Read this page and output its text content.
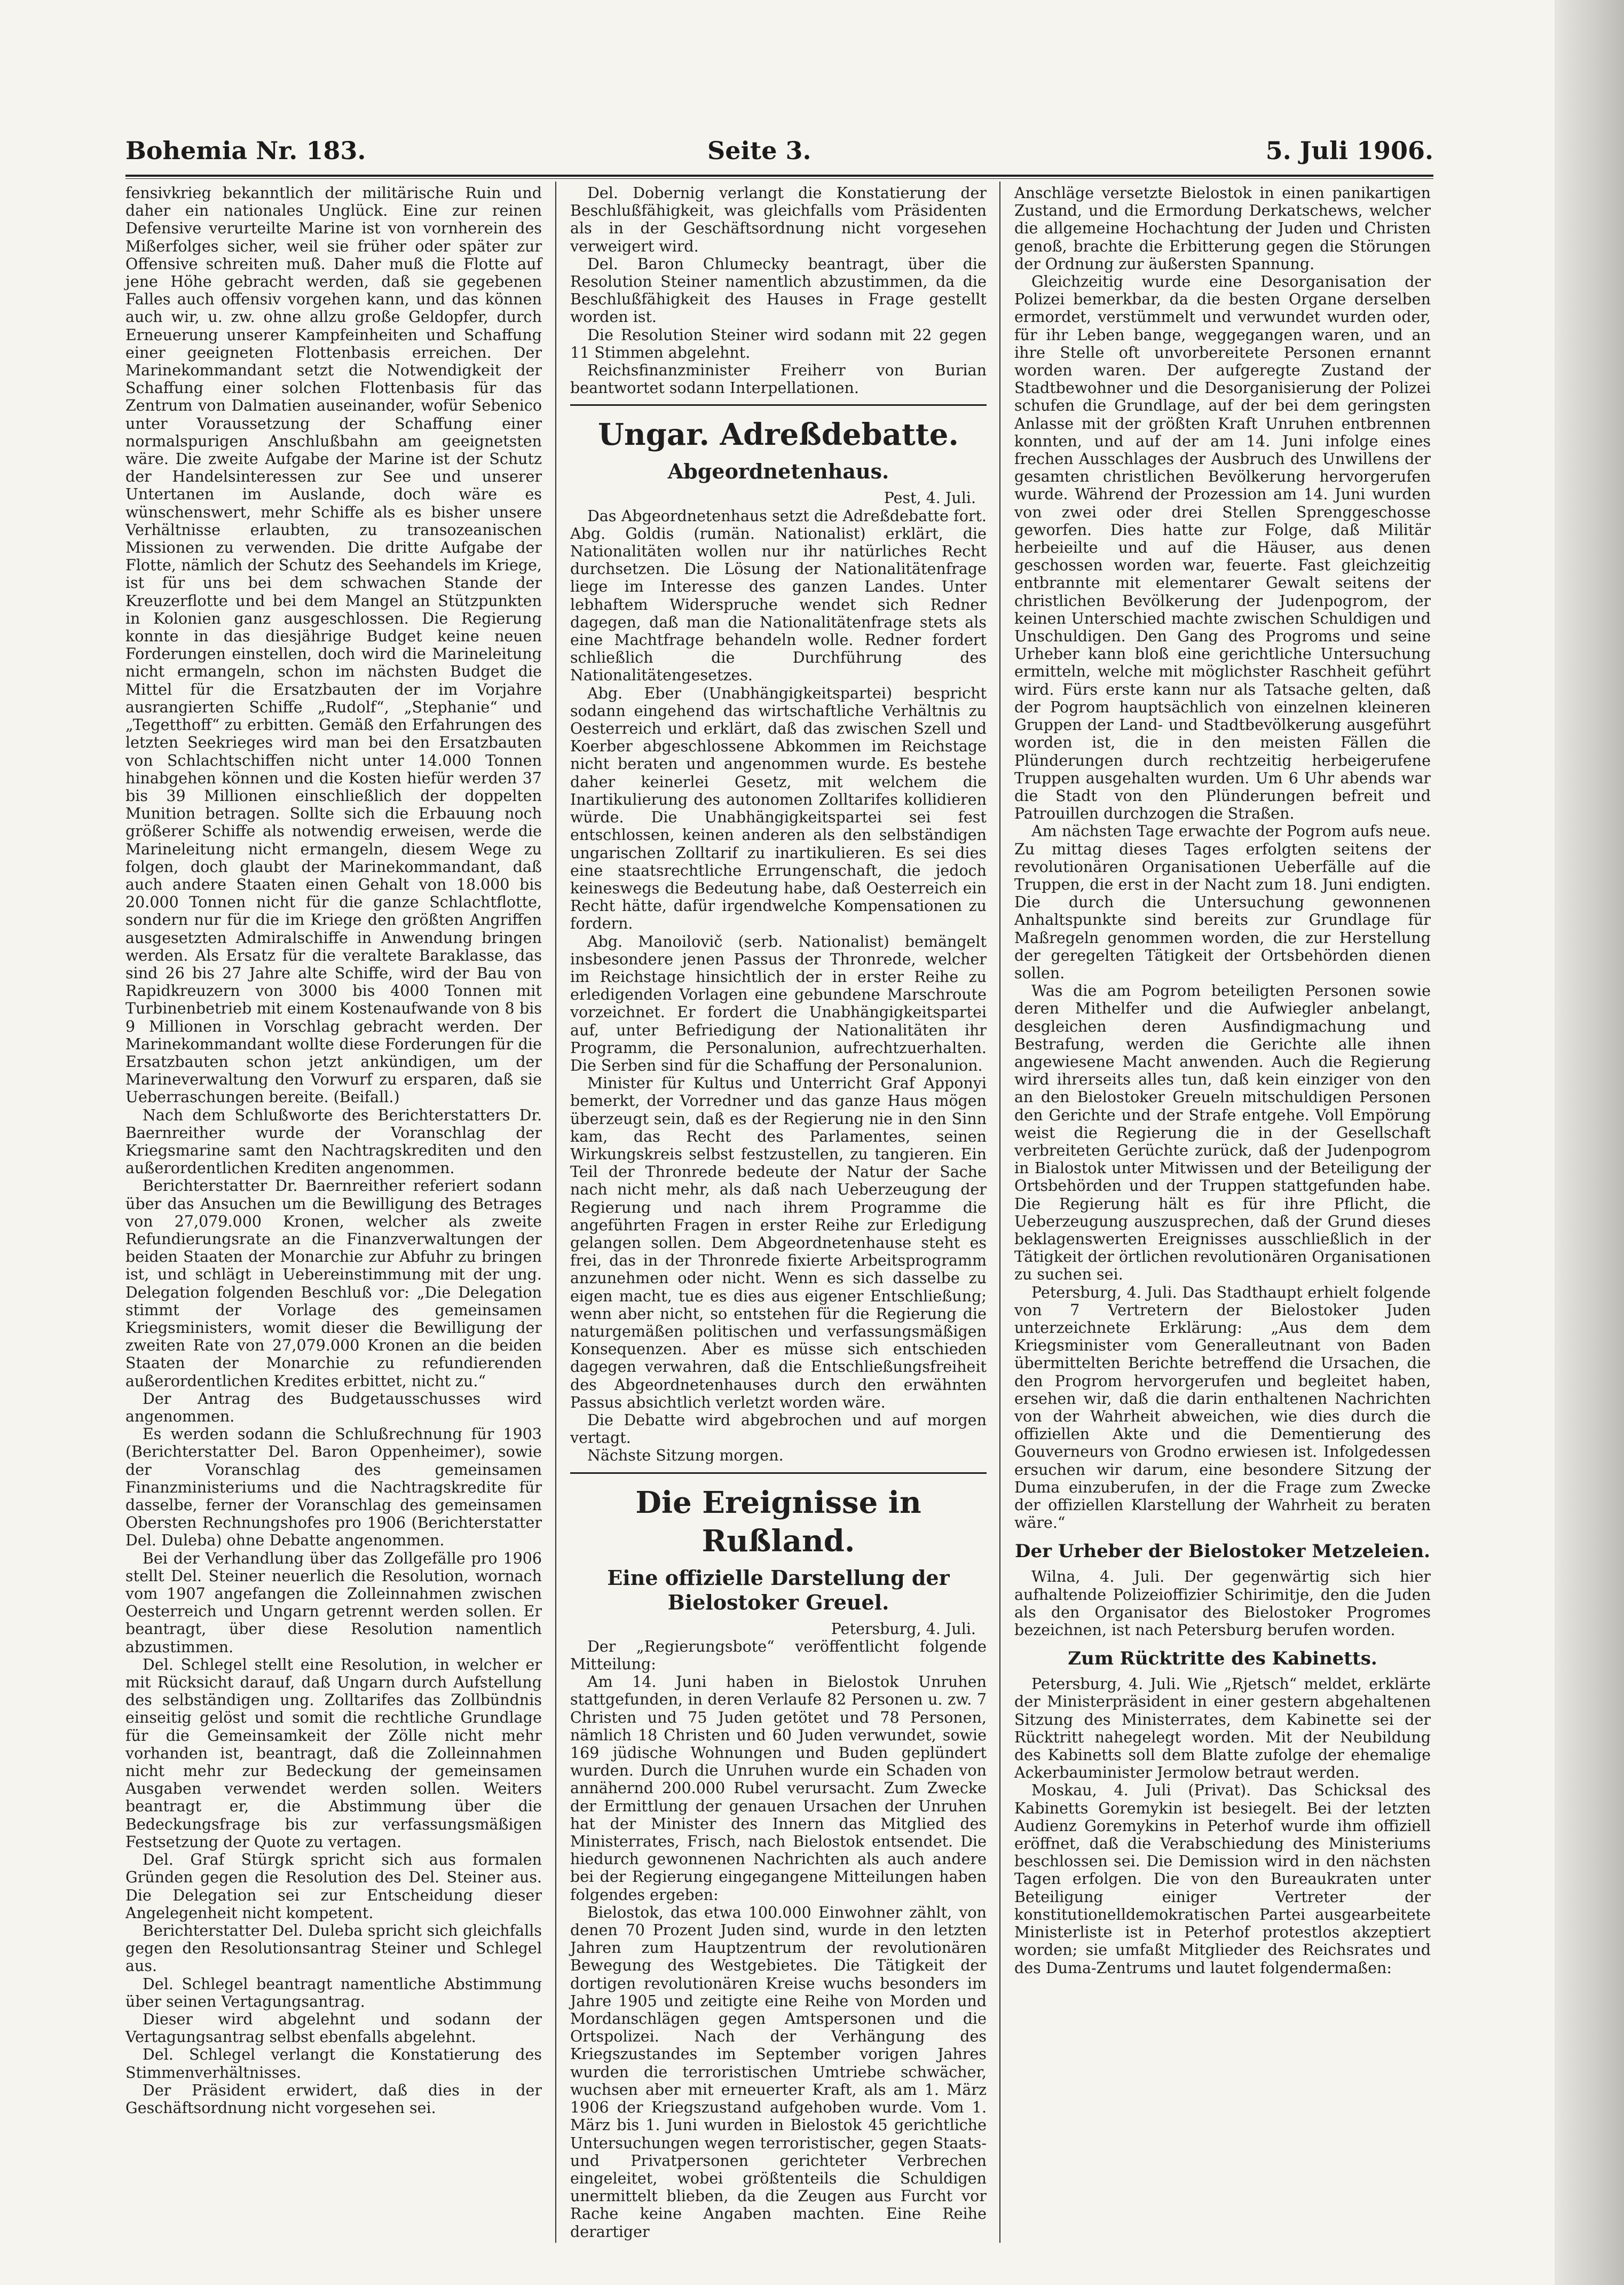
Bohemia Nr. 183.	Seite 3.	5. Juli 1906.

fensivkrieg bekanntlich der militärische Ruin und daher ein nationales Unglück. Eine zur reinen Defensive verurteilte Marine ist von vornherein des Mißerfolges sicher, weil sie früher oder später zur Offensive schreiten muß. Daher muß die Flotte auf jene Höhe gebracht werden, daß sie gegebenen Falles auch offensiv vorgehen kann, und das können auch wir, u. zw. ohne allzu große Geldopfer, durch Erneuerung unserer Kampfeinheiten und Schaffung einer geeigneten Flottenbasis erreichen. Der Marinekommandant setzt die Notwendigkeit der Schaffung einer solchen Flottenbasis für das Zentrum von Dalmatien auseinander, wofür Sebenico unter Voraussetzung der Schaffung einer normalspurigen Anschlußbahn am geeignetsten wäre. Die zweite Aufgabe der Marine ist der Schutz der Handelsinteressen zur See und unserer Untertanen im Auslande, doch wäre es wünschenswert, mehr Schiffe als es bisher unsere Verhältnisse erlaubten, zu transozeanischen Missionen zu verwenden. Die dritte Aufgabe der Flotte, nämlich der Schutz des Seehandels im Kriege, ist für uns bei dem schwachen Stande der Kreuzerflotte und bei dem Mangel an Stützpunkten in Kolonien ganz ausgeschlossen. Die Regierung konnte in das diesjährige Budget keine neuen Forderungen einstellen, doch wird die Marineleitung nicht ermangeln, schon im nächsten Budget die Mittel für die Ersatzbauten der im Vorjahre ausrangierten Schiffe „Rudolf“, „Stephanie“ und „Tegetthoff“ zu erbitten. Gemäß den Erfahrungen des letzten Seekrieges wird man bei den Ersatzbauten von Schlachtschiffen nicht unter 14.000 Tonnen hinabgehen können und die Kosten hiefür werden 37 bis 39 Millionen einschließlich der doppelten Munition betragen. Sollte sich die Erbauung noch größerer Schiffe als notwendig erweisen, werde die Marineleitung nicht ermangeln, diesem Wege zu folgen, doch glaubt der Marinekommandant, daß auch andere Staaten einen Gehalt von 18.000 bis 20.000 Tonnen nicht für die ganze Schlachtflotte, sondern nur für die im Kriege den größten Angriffen ausgesetzten Admiralschiffe in Anwendung bringen werden. Als Ersatz für die veraltete Baraklasse, das sind 26 bis 27 Jahre alte Schiffe, wird der Bau von Rapidkreuzern von 3000 bis 4000 Tonnen mit Turbinenbetrieb mit einem Kostenaufwande von 8 bis 9 Millionen in Vorschlag gebracht werden. Der Marinekommandant wollte diese Forderungen für die Ersatzbauten schon jetzt ankündigen, um der Marineverwaltung den Vorwurf zu ersparen, daß sie Ueberraschungen bereite. (Beifall.)

Nach dem Schlußworte des Berichterstatters Dr. Baernreither wurde der Voranschlag der Kriegsmarine samt den Nachtragskrediten und den außerordentlichen Krediten angenommen.

Berichterstatter Dr. Baernreither referiert sodann über das Ansuchen um die Bewilligung des Betrages von 27,079.000 Kronen, welcher als zweite Refundierungsrate an die Finanzverwaltungen der beiden Staaten der Monarchie zur Abfuhr zu bringen ist, und schlägt in Uebereinstimmung mit der ung. Delegation folgenden Beschluß vor: „Die Delegation stimmt der Vorlage des gemeinsamen Kriegsministers, womit dieser die Bewilligung der zweiten Rate von 27,079.000 Kronen an die beiden Staaten der Monarchie zu refundierenden außerordentlichen Kredites erbittet, nicht zu.“

Der Antrag des Budgetausschusses wird angenommen.

Es werden sodann die Schlußrechnung für 1903 (Berichterstatter Del. Baron Oppenheimer), sowie der Voranschlag des gemeinsamen Finanzministeriums und die Nachtragskredite für dasselbe, ferner der Voranschlag des gemeinsamen Obersten Rechnungshofes pro 1906 (Berichterstatter Del. Duleba) ohne Debatte angenommen.

Bei der Verhandlung über das Zollgefälle pro 1906 stellt Del. Steiner neuerlich die Resolution, wornach vom 1907 angefangen die Zolleinnahmen zwischen Oesterreich und Ungarn getrennt werden sollen. Er beantragt, über diese Resolution namentlich abzustimmen.

Del. Schlegel stellt eine Resolution, in welcher er mit Rücksicht darauf, daß Ungarn durch Aufstellung des selbständigen ung. Zolltarifes das Zollbündnis einseitig gelöst und somit die rechtliche Grundlage für die Gemeinsamkeit der Zölle nicht mehr vorhanden ist, beantragt, daß die Zolleinnahmen nicht mehr zur Bedeckung der gemeinsamen Ausgaben verwendet werden sollen. Weiters beantragt er, die Abstimmung über die Bedeckungsfrage bis zur verfassungsmäßigen Festsetzung der Quote zu vertagen.

Del. Graf Stürgk spricht sich aus formalen Gründen gegen die Resolution des Del. Steiner aus. Die Delegation sei zur Entscheidung dieser Angelegenheit nicht kompetent.

Berichterstatter Del. Duleba spricht sich gleichfalls gegen den Resolutionsantrag Steiner und Schlegel aus.

Del. Schlegel beantragt namentliche Abstimmung über seinen Vertagungsantrag.

Dieser wird abgelehnt und sodann der Vertagungsantrag selbst ebenfalls abgelehnt.

Del. Schlegel verlangt die Konstatierung des Stimmenverhältnisses.

Der Präsident erwidert, daß dies in der Geschäftsordnung nicht vorgesehen sei.

Del. Dobernig verlangt die Konstatierung der Beschlußfähigkeit, was gleichfalls vom Präsidenten als in der Geschäftsordnung nicht vorgesehen verweigert wird.

Del. Baron Chlumecky beantragt, über die Resolution Steiner namentlich abzustimmen, da die Beschlußfähigkeit des Hauses in Frage gestellt worden ist.

Die Resolution Steiner wird sodann mit 22 gegen 11 Stimmen abgelehnt.

Reichsfinanzminister Freiherr von Burian beantwortet sodann Interpellationen.

Ungar. Adreßdebatte.
Abgeordnetenhaus.
Pest, 4. Juli.

Das Abgeordnetenhaus setzt die Adreßdebatte fort. Abg. Goldis (rumän. Nationalist) erklärt, die Nationalitäten wollen nur ihr natürliches Recht durchsetzen. Die Lösung der Nationalitätenfrage liege im Interesse des ganzen Landes. Unter lebhaftem Widerspruche wendet sich Redner dagegen, daß man die Nationalitätenfrage stets als eine Machtfrage behandeln wolle. Redner fordert schließlich die Durchführung des Nationalitätengesetzes.

Abg. Eber (Unabhängigkeitspartei) bespricht sodann eingehend das wirtschaftliche Verhältnis zu Oesterreich und erklärt, daß das zwischen Szell und Koerber abgeschlossene Abkommen im Reichstage nicht beraten und angenommen wurde. Es bestehe daher keinerlei Gesetz, mit welchem die Inartikulierung des autonomen Zolltarifes kollidieren würde. Die Unabhängigkeitspartei sei fest entschlossen, keinen anderen als den selbständigen ungarischen Zolltarif zu inartikulieren. Es sei dies eine staatsrechtliche Errungenschaft, die jedoch keineswegs die Bedeutung habe, daß Oesterreich ein Recht hätte, dafür irgendwelche Kompensationen zu fordern.

Abg. Manoilovič (serb. Nationalist) bemängelt insbesondere jenen Passus der Thronrede, welcher im Reichstage hinsichtlich der in erster Reihe zu erledigenden Vorlagen eine gebundene Marschroute vorzeichnet. Er fordert die Unabhängigkeitspartei auf, unter Befriedigung der Nationalitäten ihr Programm, die Personalunion, aufrechtzuerhalten. Die Serben sind für die Schaffung der Personalunion.

Minister für Kultus und Unterricht Graf Apponyi bemerkt, der Vorredner und das ganze Haus mögen überzeugt sein, daß es der Regierung nie in den Sinn kam, das Recht des Parlamentes, seinen Wirkungskreis selbst festzustellen, zu tangieren. Ein Teil der Thronrede bedeute der Natur der Sache nach nicht mehr, als daß nach Ueberzeugung der Regierung und nach ihrem Programme die angeführten Fragen in erster Reihe zur Erledigung gelangen sollen. Dem Abgeordnetenhause steht es frei, das in der Thronrede fixierte Arbeitsprogramm anzunehmen oder nicht. Wenn es sich dasselbe zu eigen macht, tue es dies aus eigener Entschließung; wenn aber nicht, so entstehen für die Regierung die naturgemäßen politischen und verfassungsmäßigen Konsequenzen. Aber es müsse sich entschieden dagegen verwahren, daß die Entschließungsfreiheit des Abgeordnetenhauses durch den erwähnten Passus absichtlich verletzt worden wäre.

Die Debatte wird abgebrochen und auf morgen vertagt.

Nächste Sitzung morgen.

Die Ereignisse in Rußland.
Eine offizielle Darstellung der Bielostoker Greuel.
Petersburg, 4. Juli.

Der „Regierungsbote“ veröffentlicht folgende Mitteilung:

Am 14. Juni haben in Bielostok Unruhen stattgefunden, in deren Verlaufe 82 Personen u. zw. 7 Christen und 75 Juden getötet und 78 Personen, nämlich 18 Christen und 60 Juden verwundet, sowie 169 jüdische Wohnungen und Buden geplündert wurden. Durch die Unruhen wurde ein Schaden von annähernd 200.000 Rubel verursacht. Zum Zwecke der Ermittlung der genauen Ursachen der Unruhen hat der Minister des Innern das Mitglied des Ministerrates, Frisch, nach Bielostok entsendet. Die hiedurch gewonnenen Nachrichten als auch andere bei der Regierung eingegangene Mitteilungen haben folgendes ergeben:

Bielostok, das etwa 100.000 Einwohner zählt, von denen 70 Prozent Juden sind, wurde in den letzten Jahren zum Hauptzentrum der revolutionären Bewegung des Westgebietes. Die Tätigkeit der dortigen revolutionären Kreise wuchs besonders im Jahre 1905 und zeitigte eine Reihe von Morden und Mordanschlägen gegen Amtspersonen und die Ortspolizei. Nach der Verhängung des Kriegszustandes im September vorigen Jahres wurden die terroristischen Umtriebe schwächer, wuchsen aber mit erneuerter Kraft, als am 1. März 1906 der Kriegszustand aufgehoben wurde. Vom 1. März bis 1. Juni wurden in Bielostok 45 gerichtliche Untersuchungen wegen terroristischer, gegen Staats- und Privatpersonen gerichteter Verbrechen eingeleitet, wobei größtenteils die Schuldigen unermittelt blieben, da die Zeugen aus Furcht vor Rache keine Angaben machten. Eine Reihe derartiger

Anschläge versetzte Bielostok in einen panikartigen Zustand, und die Ermordung Derkatschews, welcher die allgemeine Hochachtung der Juden und Christen genoß, brachte die Erbitterung gegen die Störungen der Ordnung zur äußersten Spannung.

Gleichzeitig wurde eine Desorganisation der Polizei bemerkbar, da die besten Organe derselben ermordet, verstümmelt und verwundet wurden oder, für ihr Leben bange, weggegangen waren, und an ihre Stelle oft unvorbereitete Personen ernannt worden waren. Der aufgeregte Zustand der Stadtbewohner und die Desorganisierung der Polizei schufen die Grundlage, auf der bei dem geringsten Anlasse mit der größten Kraft Unruhen entbrennen konnten, und auf der am 14. Juni infolge eines frechen Ausschlages der Ausbruch des Unwillens der gesamten christlichen Bevölkerung hervorgerufen wurde. Während der Prozession am 14. Juni wurden von zwei oder drei Stellen Sprenggeschosse geworfen. Dies hatte zur Folge, daß Militär herbeieilte und auf die Häuser, aus denen geschossen worden war, feuerte. Fast gleichzeitig entbrannte mit elementarer Gewalt seitens der christlichen Bevölkerung der Judenpogrom, der keinen Unterschied machte zwischen Schuldigen und Unschuldigen. Den Gang des Progroms und seine Urheber kann bloß eine gerichtliche Untersuchung ermitteln, welche mit möglichster Raschheit geführt wird. Fürs erste kann nur als Tatsache gelten, daß der Pogrom hauptsächlich von einzelnen kleineren Gruppen der Land- und Stadtbevölkerung ausgeführt worden ist, die in den meisten Fällen die Plünderungen durch rechtzeitig herbeigerufene Truppen ausgehalten wurden. Um 6 Uhr abends war die Stadt von den Plünderungen befreit und Patrouillen durchzogen die Straßen.

Am nächsten Tage erwachte der Pogrom aufs neue. Zu mittag dieses Tages erfolgten seitens der revolutionären Organisationen Ueberfälle auf die Truppen, die erst in der Nacht zum 18. Juni endigten. Die durch die Untersuchung gewonnenen Anhaltspunkte sind bereits zur Grundlage für Maßregeln genommen worden, die zur Herstellung der geregelten Tätigkeit der Ortsbehörden dienen sollen.

Was die am Pogrom beteiligten Personen sowie deren Mithelfer und die Aufwiegler anbelangt, desgleichen deren Ausfindigmachung und Bestrafung, werden die Gerichte alle ihnen angewiesene Macht anwenden. Auch die Regierung wird ihrerseits alles tun, daß kein einziger von den an den Bielostoker Greueln mitschuldigen Personen den Gerichte und der Strafe entgehe. Voll Empörung weist die Regierung die in der Gesellschaft verbreiteten Gerüchte zurück, daß der Judenpogrom in Bialostok unter Mitwissen und der Beteiligung der Ortsbehörden und der Truppen stattgefunden habe. Die Regierung hält es für ihre Pflicht, die Ueberzeugung auszusprechen, daß der Grund dieses beklagenswerten Ereignisses ausschließlich in der Tätigkeit der örtlichen revolutionären Organisationen zu suchen sei.

Petersburg, 4. Juli. Das Stadthaupt erhielt folgende von 7 Vertretern der Bielostoker Juden unterzeichnete Erklärung: „Aus dem dem Kriegsminister vom Generalleutnant von Baden übermittelten Berichte betreffend die Ursachen, die den Progrom hervorgerufen und begleitet haben, ersehen wir, daß die darin enthaltenen Nachrichten von der Wahrheit abweichen, wie dies durch die offiziellen Akte und die Dementierung des Gouverneurs von Grodno erwiesen ist. Infolgedessen ersuchen wir darum, eine besondere Sitzung der Duma einzuberufen, in der die Frage zum Zwecke der offiziellen Klarstellung der Wahrheit zu beraten wäre.“

Der Urheber der Bielostoker Metzeleien.

Wilna, 4. Juli. Der gegenwärtig sich hier aufhaltende Polizeioffizier Schirimitje, den die Juden als den Organisator des Bielostoker Progromes bezeichnen, ist nach Petersburg berufen worden.

Zum Rücktritte des Kabinetts.

Petersburg, 4. Juli. Wie „Rjetsch“ meldet, erklärte der Ministerpräsident in einer gestern abgehaltenen Sitzung des Ministerrates, dem Kabinette sei der Rücktritt nahegelegt worden. Mit der Neubildung des Kabinetts soll dem Blatte zufolge der ehemalige Ackerbauminister Jermolow betraut werden.

Moskau, 4. Juli (Privat). Das Schicksal des Kabinetts Goremykin ist besiegelt. Bei der letzten Audienz Goremykins in Peterhof wurde ihm offiziell eröffnet, daß die Verabschiedung des Ministeriums beschlossen sei. Die Demission wird in den nächsten Tagen erfolgen. Die von den Bureaukraten unter Beteiligung einiger Vertreter der konstitutionelldemokratischen Partei ausgearbeitete Ministerliste ist in Peterhof protestlos akzeptiert worden; sie umfaßt Mitglieder des Reichsrates und des Duma-Zentrums und lautet folgendermaßen:
